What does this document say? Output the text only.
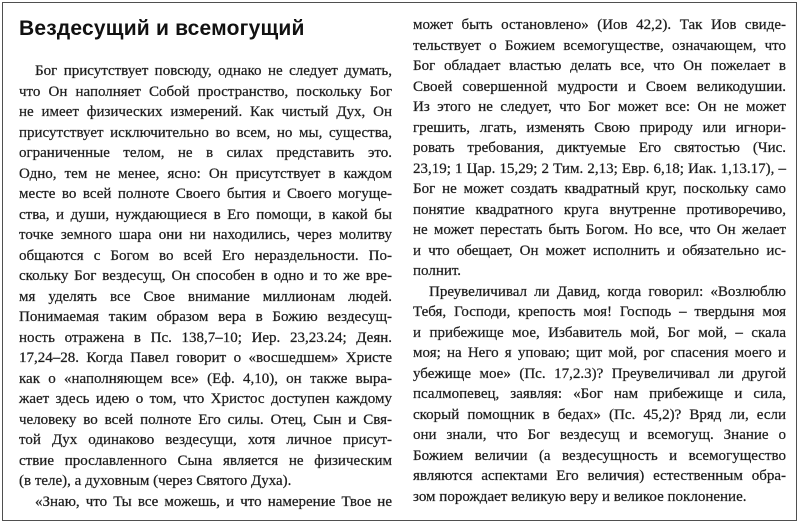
Вездесущий и всемогущий
Бог присутствует повсюду, однако не следует думать,
что Он наполняет Собой пространство, поскольку Бог
не имеет физических измерений. Как чистый Дух, Он
присутствует исключительно во всем, но мы, существа,
ограниченные телом, не в силах представить это.
Одно, тем не менее, ясно: Он присутствует в каждом
месте во всей полноте Своего бытия и Своего могуще-
ства, и души, нуждающиеся в Его помощи, в какой бы
точке земного шара они ни находились, через молитву
общаются с Богом во всей Его нераздельности. По-
скольку Бог вездесущ, Он способен в одно и то же вре-
мя уделять все Свое внимание миллионам людей.
Понимаемая таким образом вера в Божию вездесущ-
ность отражена в Пс. 138,7–10; Иер. 23,23.24; Деян.
17,24–28. Когда Павел говорит о «восшедшем» Христе
как о «наполняющем все» (Еф. 4,10), он также выра-
жает здесь идею о том, что Христос доступен каждому
человеку во всей полноте Его силы. Отец, Сын и Свя-
той Дух одинаково вездесущи, хотя личное присут-
ствие прославленного Сына является не физическим
(в теле), а духовным (через Святого Духа).
«Знаю, что Ты все можешь, и что намерение Твое не
может быть остановлено» (Иов 42,2). Так Иов свиде-
тельствует о Божием всемогуществе, означающем, что
Бог обладает властью делать все, что Он пожелает в
Своей совершенной мудрости и Своем великодушии.
Из этого не следует, что Бог может все: Он не может
грешить, лгать, изменять Свою природу или игнори-
ровать требования, диктуемые Его святостью (Чис.
23,19; 1 Цар. 15,29; 2 Тим. 2,13; Евр. 6,18; Иак. 1,13.17), –
Бог не может создать квадратный круг, поскольку само
понятие квадратного круга внутренне противоречиво,
не может перестать быть Богом. Но все, что Он желает
и что обещает, Он может исполнить и обязательно ис-
полнит.
Преувеличивал ли Давид, когда говорил: «Возлюблю
Тебя, Господи, крепость моя! Господь – твердыня моя
и прибежище мое, Избавитель мой, Бог мой, – скала
моя; на Него я уповаю; щит мой, рог спасения моего и
убежище мое» (Пс. 17,2.3)? Преувеличивал ли другой
псалмопевец, заявляя: «Бог нам прибежище и сила,
скорый помощник в бедах» (Пс. 45,2)? Вряд ли, если
они знали, что Бог вездесущ и всемогущ. Знание о
Божием величии (а вездесущность и всемогущество
являются аспектами Его величия) естественным обра-
зом порождает великую веру и великое поклонение.
